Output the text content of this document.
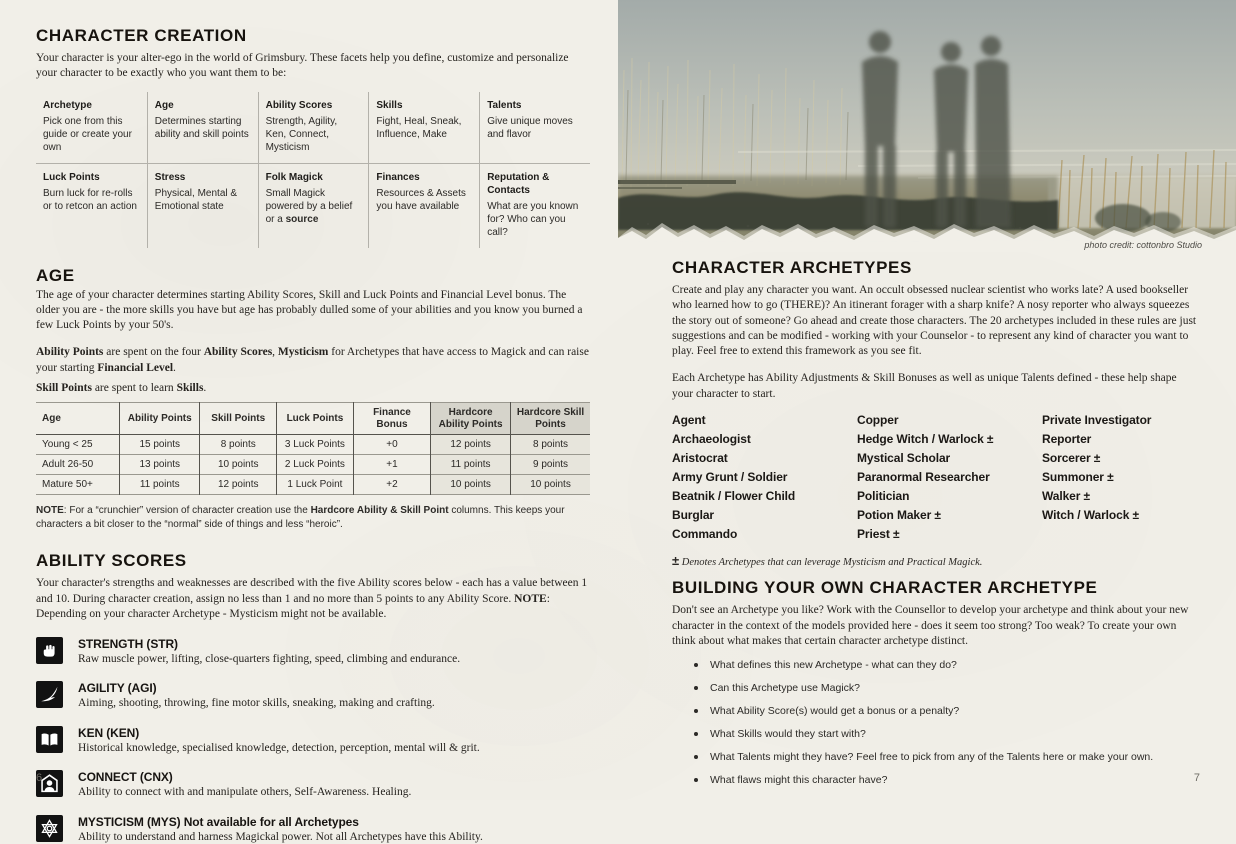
CHARACTER CREATION

Your character is your alter-ego in the world of Grimsbury. These facets help you define, customize and personalize your character to be exactly who you want them to be:

Archetype
Pick one from this guide or create your own
Age
Determines starting ability and skill points
Ability Scores
Strength, Agility, Ken, Connect, Mysticism
Skills
Fight, Heal, Sneak, Influence, Make
Talents
Give unique moves and flavor
Luck Points
Burn luck for re-rolls or to retcon an action
Stress
Physical, Mental & Emotional state
Folk Magick
Small Magick powered by a belief or a source
Finances
Resources & Assets you have available
Reputation & Contacts
What are you known for? Who can you call?
AGE

The age of your character determines starting Ability Scores, Skill and Luck Points and Financial Level bonus. The older you are - the more skills you have but age has probably dulled some of your abilities and you know you burned a few Luck Points by your 50's.

Ability Points are spent on the four Ability Scores, Mysticism for Archetypes that have access to Magick and can raise your starting Financial Level.

Skill Points are spent to learn Skills.

Age	Ability Points	Skill Points	Luck Points	Finance Bonus	Hardcore Ability Points	Hardcore Skill Points
Young < 25	15 points	8 points	3 Luck Points	+0	12 points	8 points
Adult 26-50	13 points	10 points	2 Luck Points	+1	11 points	9 points
Mature 50+	11 points	12 points	1 Luck Point	+2	10 points	10 points

NOTE: For a “crunchier” version of character creation use the Hardcore Ability & Skill Point columns. This keeps your characters a bit closer to the “normal” side of things and less “heroic”.

ABILITY SCORES

Your character's strengths and weaknesses are described with the five Ability scores below - each has a value between 1 and 10. During character creation, assign no less than 1 and no more than 5 points to any Ability Score. NOTE: Depending on your character Archetype - Mysticism might not be available.

STRENGTH (STR)
Raw muscle power, lifting, close-quarters fighting, speed, climbing and endurance.
AGILITY (AGI)
Aiming, shooting, throwing, fine motor skills, sneaking, making and crafting.
KEN (KEN)
Historical knowledge, specialised knowledge, detection, perception, mental will & grit.
CONNECT (CNX)
Ability to connect with and manipulate others, Self-Awareness. Healing.
MYSTICISM (MYS) Not available for all Archetypes
Ability to understand and harness Magickal power. Not all Archetypes have this Ability.
6
photo credit: cottonbro Studio
CHARACTER ARCHETYPES

Create and play any character you want. An occult obsessed nuclear scientist who works late? A used bookseller who learned how to go (THERE)? An itinerant forager with a sharp knife? A nosy reporter who always squeezes the story out of someone? Go ahead and create those characters. The 20 archetypes included in these rules are just suggestions and can be modified - working with your Counselor - to represent any kind of character you want to play. Feel free to extend this framework as you see fit.

Each Archetype has Ability Adjustments & Skill Bonuses as well as unique Talents defined - these help shape your character to start.

Agent
Archaeologist
Aristocrat
Army Grunt / Soldier
Beatnik / Flower Child
Burglar
Commando
Copper
Hedge Witch / Warlock ±
Mystical Scholar
Paranormal Researcher
Politician
Potion Maker ±
Priest ±
Private Investigator
Reporter
Sorcerer ±
Summoner ±
Walker ±
Witch / Warlock ±

± Denotes Archetypes that can leverage Mysticism and Practical Magick.

BUILDING YOUR OWN CHARACTER ARCHETYPE

Don't see an Archetype you like? Work with the Counsellor to develop your archetype and think about your new character in the context of the models provided here - does it seem too strong? Too weak? To create your own think about what makes that certain character archetype distinct.

What defines this new Archetype - what can they do?
Can this Archetype use Magick?
What Ability Score(s) would get a bonus or a penalty?
What Skills would they start with?
What Talents might they have? Feel free to pick from any of the Talents here or make your own.
What flaws might this character have?	7
